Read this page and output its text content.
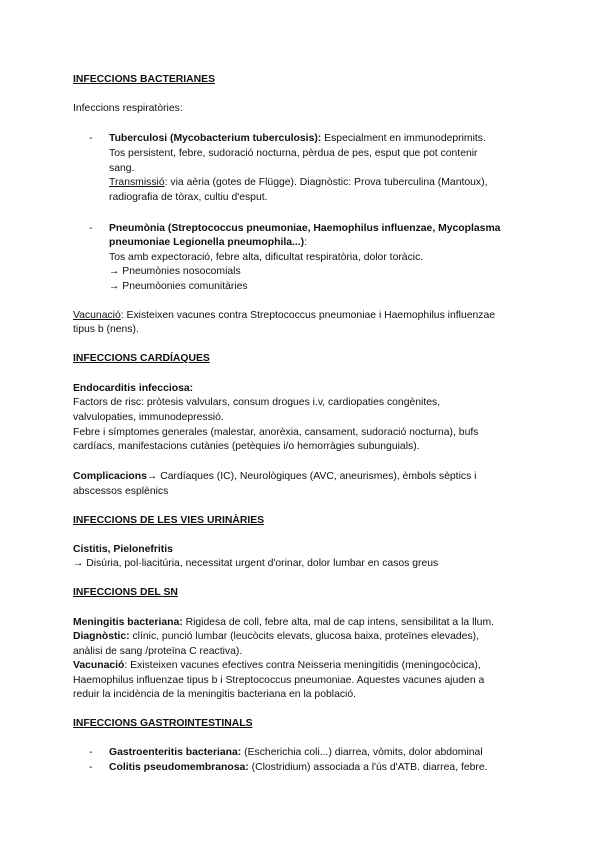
INFECCIONS BACTERIANES
Infeccions respiratòries:
- Tuberculosi (Mycobacterium tuberculosis): Especialment en immunodeprimits.
Tos persistent, febre, sudoració nocturna, pèrdua de pes, esput que pot contenir
sang.
Transmissió: via aèria (gotes de Flügge). Diagnòstic: Prova tuberculina (Mantoux),
radiografia de tòrax, cultiu d'esput.
- Pneumònia (Streptococcus pneumoniae, Haemophilus influenzae, Mycoplasma
pneumoniae Legionella pneumophila...):
Tos amb expectoració, febre alta, dificultat respiratòria, dolor toràcic.
→ Pneumònies nosocomials
→ Pneumòonies comunitàries
Vacunació: Existeixen vacunes contra Streptococcus pneumoniae i Haemophilus influenzae
tipus b (nens).
INFECCIONS CARDÍAQUES
Endocarditis infecciosa:
Factors de risc: pròtesis valvulars, consum drogues i.v, cardiopaties congènites,
valvulopaties, immunodepressió.
Febre i símptomes generales (malestar, anorèxia, cansament, sudoració nocturna), bufs
cardíacs, manifestacions cutànies (petèquies i/o hemorràgies subunguials).
Complicacions→ Cardíaques (IC), Neurològiques (AVC, aneurismes), èmbols sèptics i
abscessos esplènics
INFECCIONS DE LES VIES URINÀRIES
Cistitis, Pielonefritis
→ Disúria, pol·liacitúria, necessitat urgent d'orinar, dolor lumbar en casos greus
INFECCIONS DEL SN
Meningitis bacteriana: Rigidesa de coll, febre alta, mal de cap intens, sensibilitat a la llum.
Diagnòstic: clínic, punció lumbar (leucòcits elevats, glucosa baixa, proteïnes elevades),
anàlisi de sang /proteïna C reactiva).
Vacunació: Existeixen vacunes efectives contra Neisseria meningitidis (meningocòcica),
Haemophilus influenzae tipus b i Streptococcus pneumoniae. Aquestes vacunes ajuden a
reduir la incidència de la meningitis bacteriana en la població.
INFECCIONS GASTROINTESTINALS
- Gastroenteritis bacteriana: (Escherichia coli...) diarrea, vòmits, dolor abdominal
- Colitis pseudomembranosa: (Clostridium) associada a l'ús d'ATB. diarrea, febre.
